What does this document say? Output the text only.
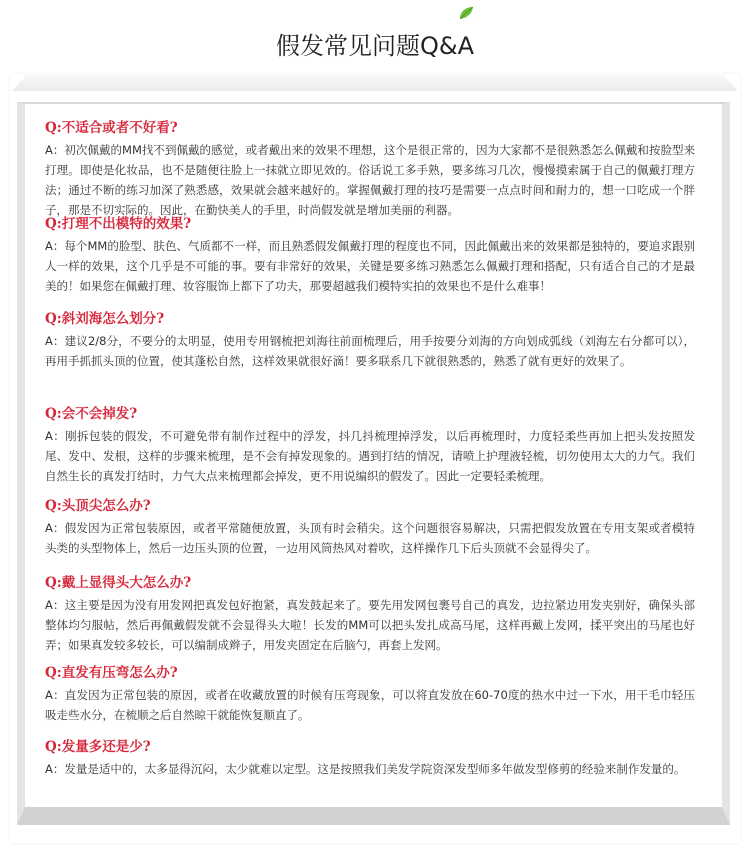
假发常见问题Q&A
Q:不适合或者不好看?
A：初次佩戴的MM找不到佩戴的感觉，或者戴出来的效果不理想，这个是很正常的，因为大家都不是很熟悉怎么佩戴和按脸型来打理。即使是化妆品，也不是随便往脸上一抹就立即见效的。俗话说工多手熟，要多练习几次，慢慢摸索属于自己的佩戴打理方法；通过不断的练习加深了熟悉感，效果就会越来越好的。掌握佩戴打理的技巧是需要一点点时间和耐力的，想一口吃成一个胖子，那是不切实际的。因此，在勤快美人的手里，时尚假发就是增加美丽的利器。
Q:打理不出模特的效果?
A：每个MM的脸型、肤色、气质都不一样，而且熟悉假发佩戴打理的程度也不同，因此佩戴出来的效果都是独特的，要追求跟别人一样的效果，这个几乎是不可能的事。要有非常好的效果，关键是要多练习熟悉怎么佩戴打理和搭配，只有适合自己的才是最美的！如果您在佩戴打理、妆容服饰上都下了功夫，那要超越我们模特实拍的效果也不是什么难事！
Q:斜刘海怎么划分?
A：建议2/8分，不要分的太明显，使用专用钢梳把刘海往前面梳理后，用手按要分刘海的方向划成弧线（刘海左右分都可以），再用手抓抓头顶的位置，使其蓬松自然，这样效果就很好滴！要多联系几下就很熟悉的，熟悉了就有更好的效果了。
Q:会不会掉发?
A：刚拆包装的假发，不可避免带有制作过程中的浮发，抖几抖梳理掉浮发，以后再梳理时，力度轻柔些再加上把头发按照发尾、发中、发根，这样的步骤来梳理，是不会有掉发现象的。遇到打结的情况，请喷上护理液轻梳，切勿使用太大的力气。我们自然生长的真发打结时，力气大点来梳理都会掉发，更不用说编织的假发了。因此一定要轻柔梳理。
Q:头顶尖怎么办?
A：假发因为正常包装原因，或者平常随便放置，头顶有时会稍尖。这个问题很容易解决，只需把假发放置在专用支架或者模特头类的头型物体上，然后一边压头顶的位置，一边用风筒热风对着吹，这样操作几下后头顶就不会显得尖了。
Q:戴上显得头大怎么办?
A：这主要是因为没有用发网把真发包好抱紧，真发鼓起来了。要先用发网包裹号自己的真发，边拉紧边用发夹别好，确保头部整体均匀服帖，然后再佩戴假发就不会显得头大啦！长发的MM可以把头发扎成高马尾，这样再戴上发网，揉平突出的马尾也好弄；如果真发较多较长，可以编制成辫子，用发夹固定在后脑勺，再套上发网。
Q:直发有压弯怎么办?
A：直发因为正常包装的原因，或者在收藏放置的时候有压弯现象，可以将直发放在60-70度的热水中过一下水，用干毛巾轻压吸走些水分，在梳顺之后自然晾干就能恢复顺直了。
Q:发量多还是少?
A：发量是适中的，太多显得沉闷，太少就难以定型。这是按照我们美发学院资深发型师多年做发型修剪的经验来制作发量的。
